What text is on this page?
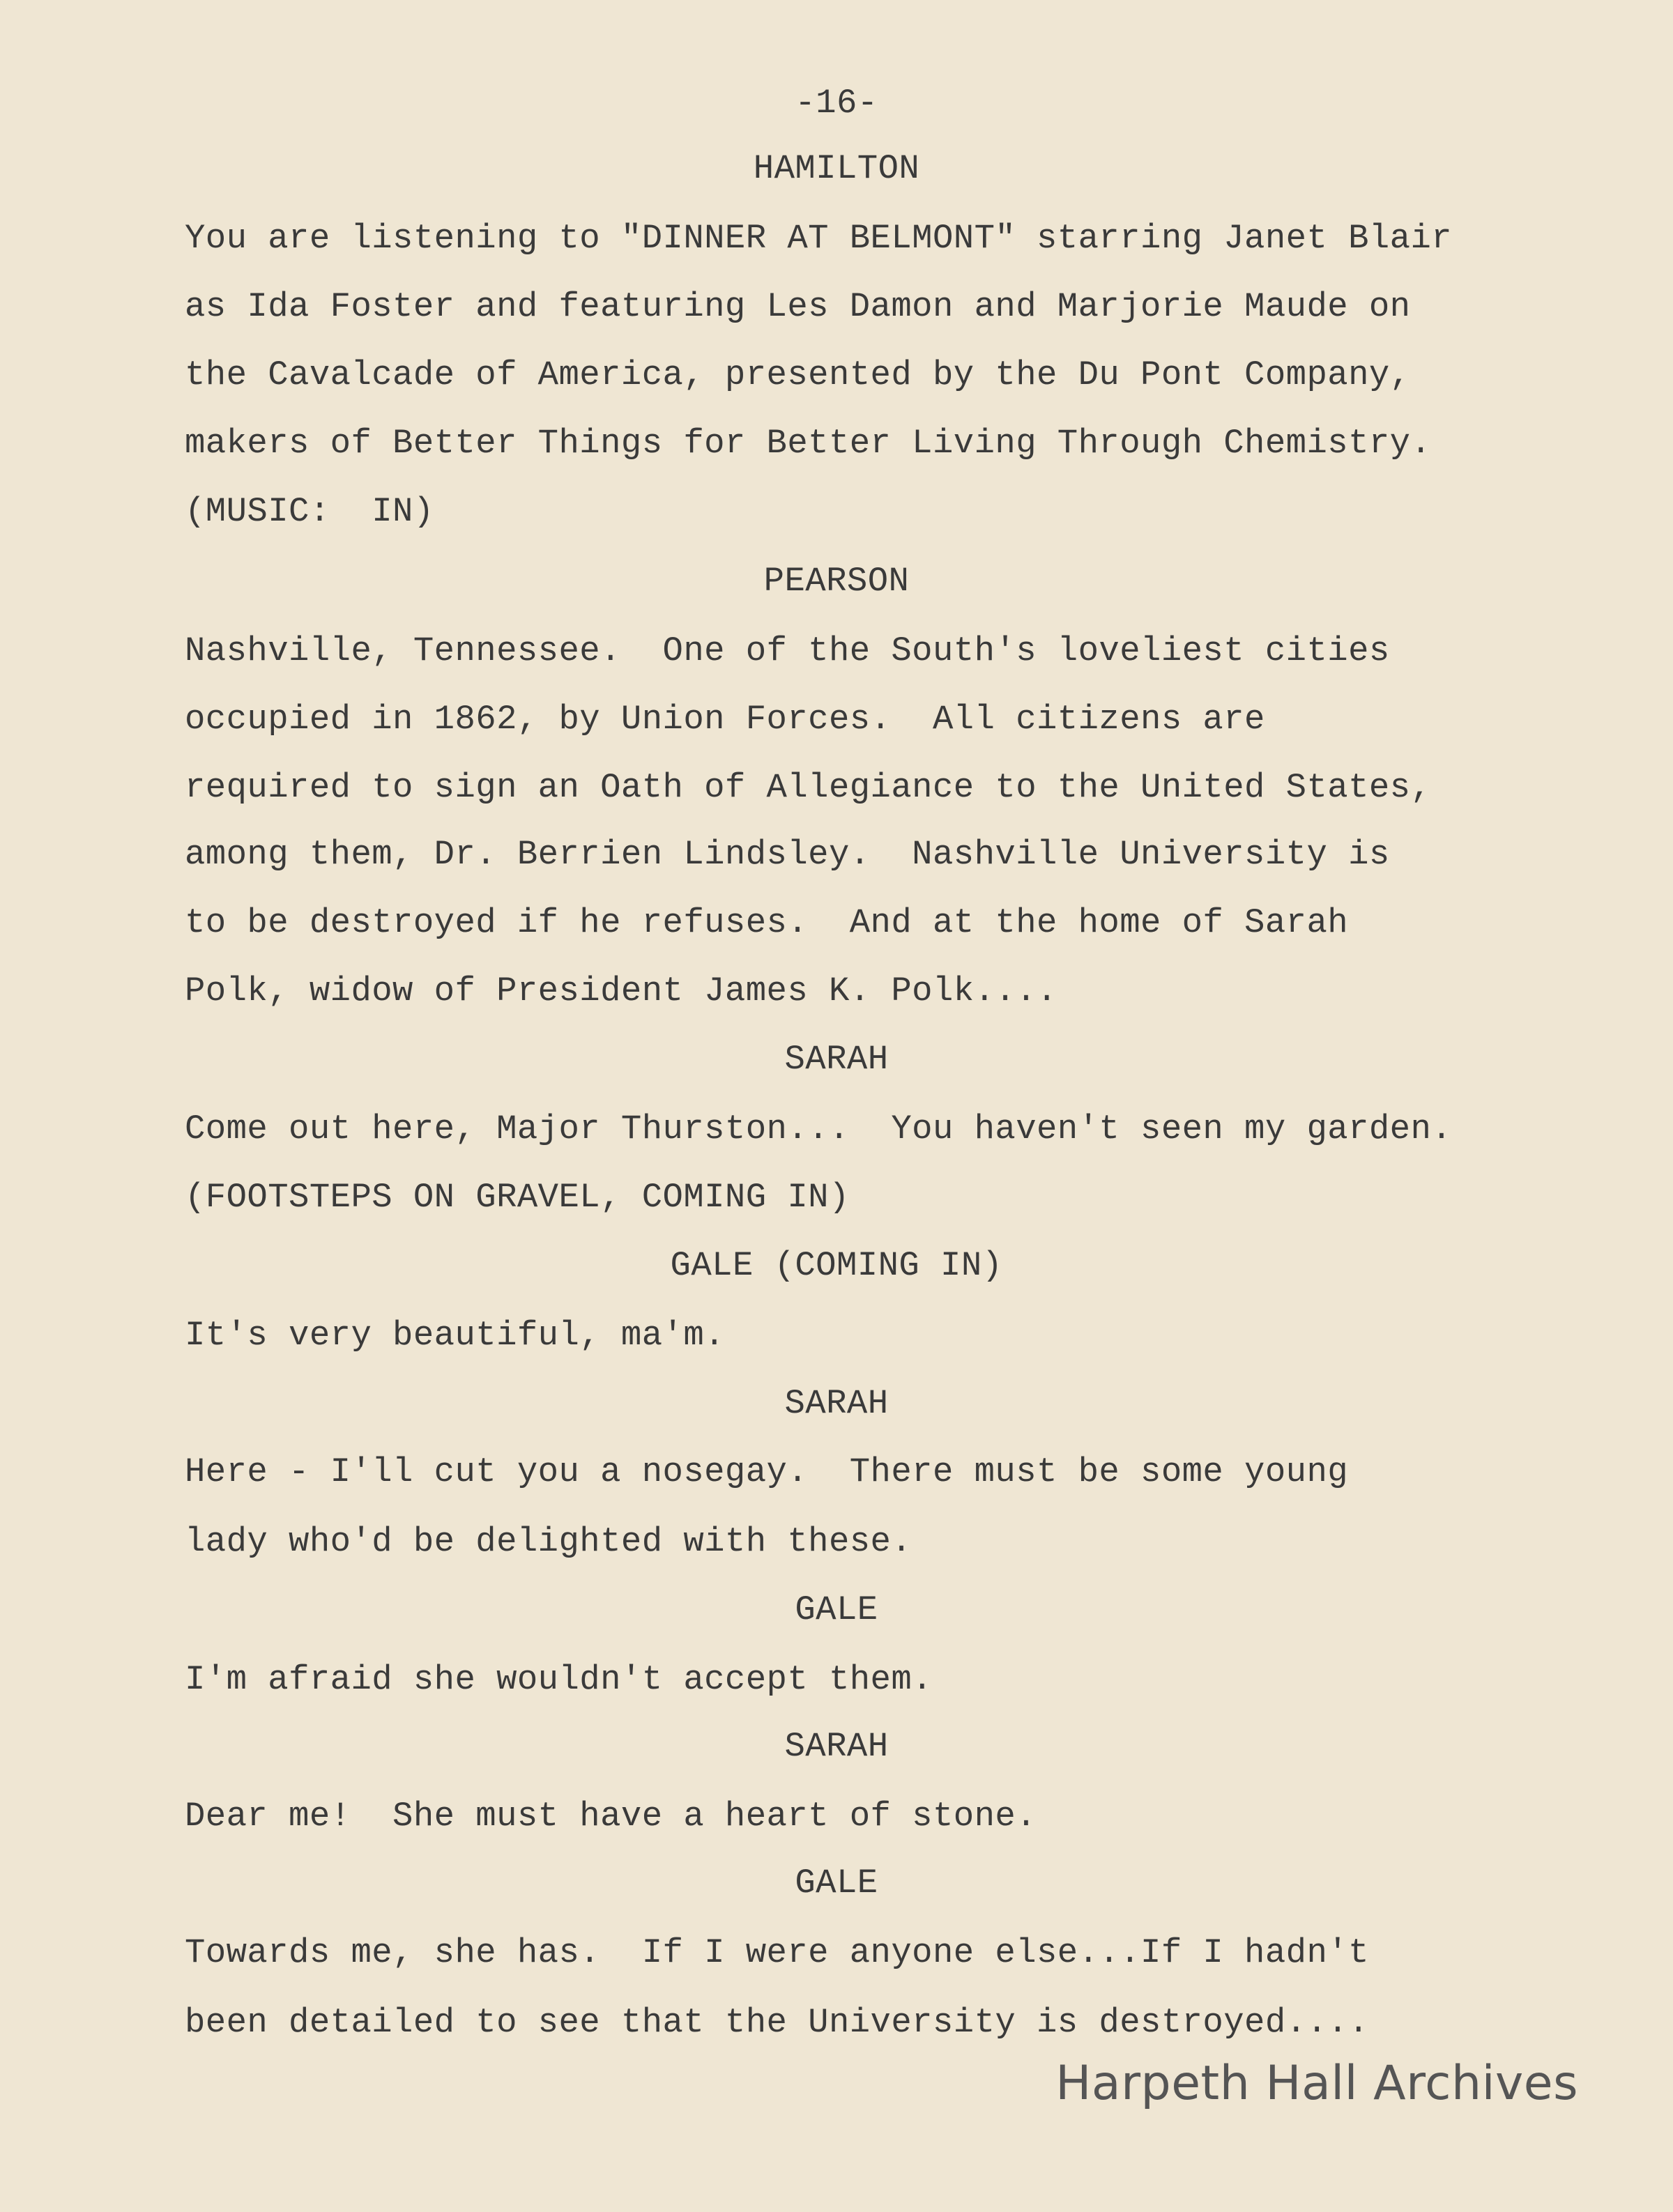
-16-
HAMILTON
You are listening to "DINNER AT BELMONT" starring Janet Blair
as Ida Foster and featuring Les Damon and Marjorie Maude on
the Cavalcade of America, presented by the Du Pont Company,
makers of Better Things for Better Living Through Chemistry.
(MUSIC:  IN)
PEARSON
Nashville, Tennessee.  One of the South's loveliest cities
occupied in 1862, by Union Forces.  All citizens are
required to sign an Oath of Allegiance to the United States,
among them, Dr. Berrien Lindsley.  Nashville University is
to be destroyed if he refuses.  And at the home of Sarah
Polk, widow of President James K. Polk....
SARAH
Come out here, Major Thurston...  You haven't seen my garden.
(FOOTSTEPS ON GRAVEL, COMING IN)
GALE (COMING IN)
It's very beautiful, ma'm.
SARAH
Here - I'll cut you a nosegay.  There must be some young
lady who'd be delighted with these.
GALE
I'm afraid she wouldn't accept them.
SARAH
Dear me!  She must have a heart of stone.
GALE
Towards me, she has.  If I were anyone else...If I hadn't
been detailed to see that the University is destroyed....
Harpeth Hall Archives
